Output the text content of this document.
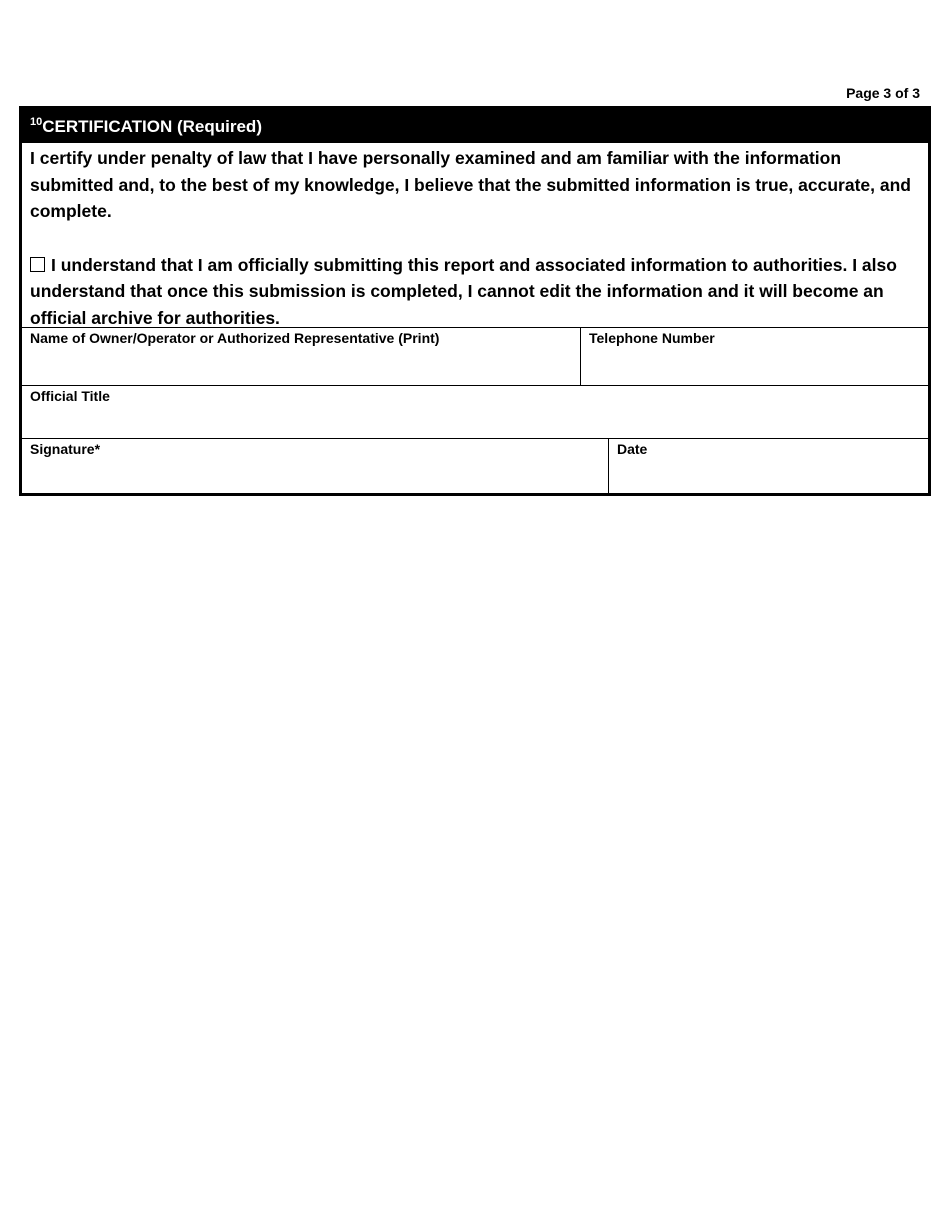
Page 3 of 3
$^{10}$CERTIFICATION (Required)

I certify under penalty of law that I have personally examined and am familiar with the information submitted and, to the best of my knowledge, I believe that the submitted information is true, accurate, and complete.

I understand that I am officially submitting this report and associated information to authorities. I also understand that once this submission is completed, I cannot edit the information and it will become an official archive for authorities.

Name of Owner/Operator or Authorized Representative (Print)	Telephone Number
Official Title
Signature*	Date
